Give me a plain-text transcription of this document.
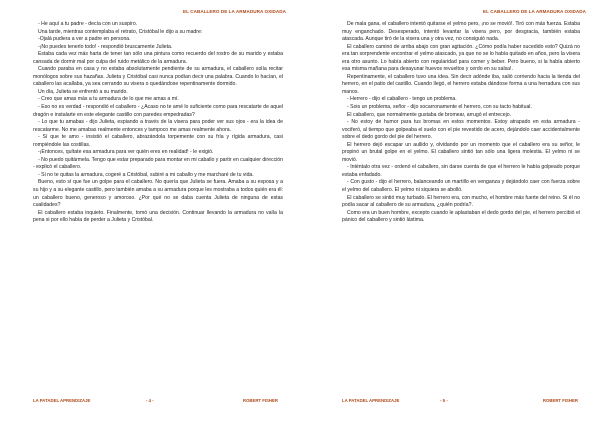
EL CABALLERO DE LA ARMADURA OXIDADA

- He aquí a tu padre - decía con un suspiro.

Una tarde, mientras contemplaba el retrato, Cristóbal le dijo a su madre:

-Ojalá pudiera a ver a padre en persona.

-¡No puedes tenerlo todo! - respondió bruscamente Julieta.

Estaba cada vez más harta de tener tan sólo una pintura como recuerdo del rostro de su marido y estaba cansada de dormir mal por culpa del ruido metálico de la armadura.

Cuando paraba en casa y no estaba absolutamente pendiente de su armadura, el caballero solía recitar monólogos sobre sus hazañas. Julieta y Cristóbal casi nunca podían decir una palabra. Cuando lo hacían, el caballero las acallaba, ya sea cerrando su visera o quedándose repentinamente dormido.

Un día, Julieta se enfrentó a su marido.

- Creo que amas más a tu armadura de lo que me amas a mí.

- Eso no es verdad - respondió el caballero - ¿Acaso no te amé lo suficiente como para rescatarte de aquel dragón e instalarte en este elegante castillo con paredes empedradas?

- Lo que tu amabas - dijo Julieta, espiando a través de la visera para poder ver sus ojos - era la idea de rescatarme. No me amabas realmente entonces y tampoco me amas realmente ahora.

- Sí que te amo - insistió el caballero, abrazándola torpemente con su fría y rígida armadura, casi rompiéndole las costillas.

-¡Entonces, quítate esa armadura para ver quién eres en realidad! - le exigió.

- No puedo quitármela. Tengo que estar preparado para montar en mi caballo y partir en cualquier dirección - explicó el caballero.

- Si no te quitas la armadura, cogeré a Cristóbal, subiré a mi caballo y me marcharé de tu vida.

Bueno, esto sí que fue un golpe para el caballero. No quería que Julieta se fuera. Amaba a su esposa y a su hijo y a su elegante castillo, pero también amaba a su armadura porque les mostraba a todos quién era él: un caballero bueno, generoso y amoroso. ¿Por qué no se daba cuenta Julieta de ninguna de estas cualidades?

El caballero estaba inquieto. Finalmente, tomó una decisión. Continuar llevando la armadura no valía la pena si por ello había de perder a Julieta y Cristóbal.

LA PATADEL APRENDIZAJE	- 4 -	ROBERT FISHER
EL CABALLERO DE LA ARMADURA OXIDADA

De mala gana, el caballero intentó quitarse el yelmo pero, ¡no se movió!. Tiró con más fuerza. Estaba muy enganchado. Desesperado, intentó levantar la visera pero, por desgracia, también estaba atascada. Aunque tiró de la visera una y otra vez, no consiguió nada.

El caballero caminó de arriba abajo con gran agitación. ¿Cómo podía haber sucedido esto? Quizá no era tan sorprendente encontrar el yelmo atascado, ya que no se lo había quitado en años, pero la visera era otro asunto. Lo había abierto con regularidad para comer y beber. Pero bueno, si la había abierto esa misma mañana para desayunar huevos revueltos y cerdo en su salsa!.

Repentinamente, el caballero tuvo una idea. Sin decir adónde iba, salió corriendo hacia la tienda del herrero, en el patio del castillo. Cuando llegó, el herrero estaba dándose forma a una herradura con sus manos.

- Herrero - dijo el caballero - tengo un problema.

- Sois un problema, señor - dijo socarronamente el herrero, con su tacto habitual.

El caballero, que normalmente gustaba de bromear, arrugó el entrecejo.

- No estoy de humor para tus bromas en estos momentos. Estoy atrapado en esta armadura - vociferó, al tiempo que golpeaba el suelo con el pie revestido de acero, dejándolo caer accidentalmente sobre el dedo gordo del pie del herrero.

El herrero dejó escapar un aullido y, olvidando por un momento que el caballero era su señor, le propinó un brutal golpe en el yelmo. El caballero sintió tan sólo una ligera molestia. El yelmo ni se movió.

- Inténtalo otra vez - ordenó el caballero, sin darse cuenta de que el herrero le había golpeado porque estaba enfadado.

- Con gusto - dijo el herrero, balanceando un martillo en venganza y dejándolo caer con fuerza sobre el yelmo del caballero. El yelmo ni siquiera se abolló.

El caballero se sintió muy turbado. El herrero era, con mucho, el hombre más fuerte del reino. Si él no podía sacar al caballero de su armadura, ¿quién podría?.

Como era un buen hombre, excepto cuando le aplastaban el dedo gordo del pie, el herrero percibió el pánico del caballero y sintió lástima.

LA PATADEL APRENDIZAJE	- 5 -	ROBERT FISHER
